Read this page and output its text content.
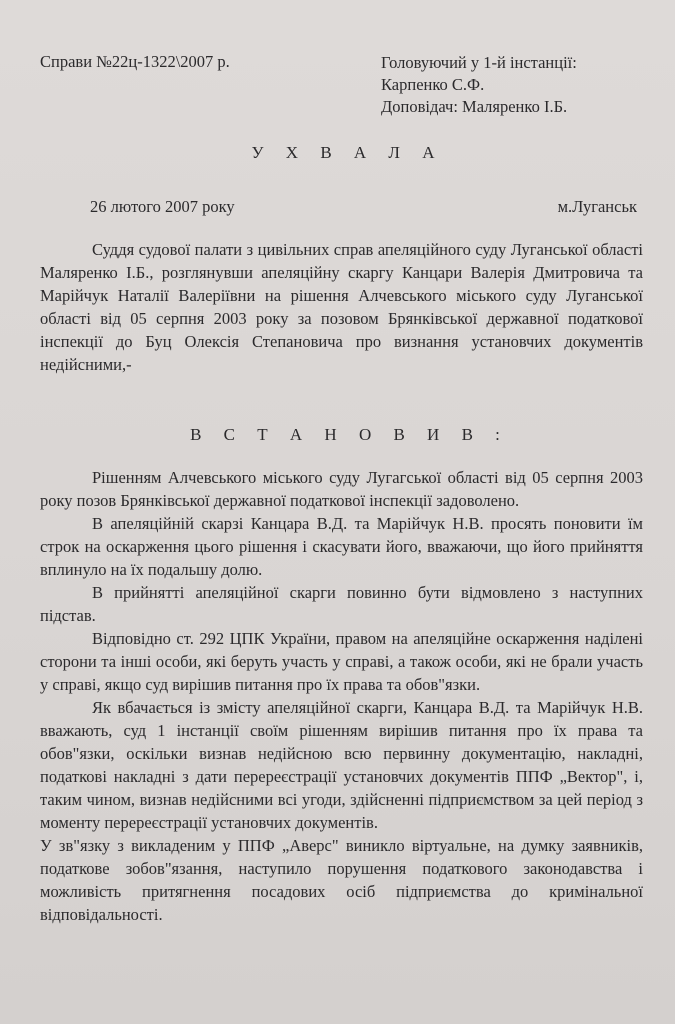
Справи №22ц-1322\2007 р.	Головуючий у 1-й інстанції:
Карпенко С.Ф.
Доповідач: Маляренко І.Б.
У Х В А Л А
26 лютого 2007 року	м.Луганськ

Суддя судової палати з цивільних справ апеляційного суду Луганської області Маляренко І.Б., розглянувши апеляційну скаргу Канцари Валерія Дмитровича та Марійчук Наталії Валеріївни на рішення Алчевського міського суду Луганської області від 05 серпня 2003 року за позовом Брянківської державної податкової інспекції до Буц Олексія Степановича про визнання установчих документів недійсними,-

В С Т А Н О В И В :

Рішенням Алчевського міського суду Лугагської області від 05 серпня 2003 року позов Брянківської державної податкової інспекції задоволено.

В апеляційній скарзі Канцара В.Д. та Марійчук Н.В. просять поновити їм строк на оскарження цього рішення і скасувати його, вважаючи, що його прийняття вплинуло на їх подальшу долю.

В прийнятті апеляційної скарги повинно бути відмовлено з наступних підстав.

Відповідно ст. 292 ЦПК України, правом на апеляційне оскарження наділені сторони та інші особи, які беруть участь у справі, а також особи, які не брали участь у справі, якщо суд вирішив питання про їх права та обов"язки.

Як вбачається із змісту апеляційної скарги, Канцара В.Д. та Марійчук Н.В. вважають, суд 1 інстанції своїм рішенням вирішив питання про їх права та обов"язки, оскільки визнав недійсною всю первинну документацію, накладні, податкові накладні з дати перереєстрації установчих документів ППФ „Вектор", і, таким чином, визнав недійсними всі угоди, здійсненні підприємством за цей період з моменту перереєстрації установчих документів.

У зв"язку з викладеним у ППФ „Аверс" виникло віртуальне, на думку заявників, податкове зобов"язання, наступило порушення податкового законодавства і можливість притягнення посадових осіб підприємства до кримінальної відповідальності.
